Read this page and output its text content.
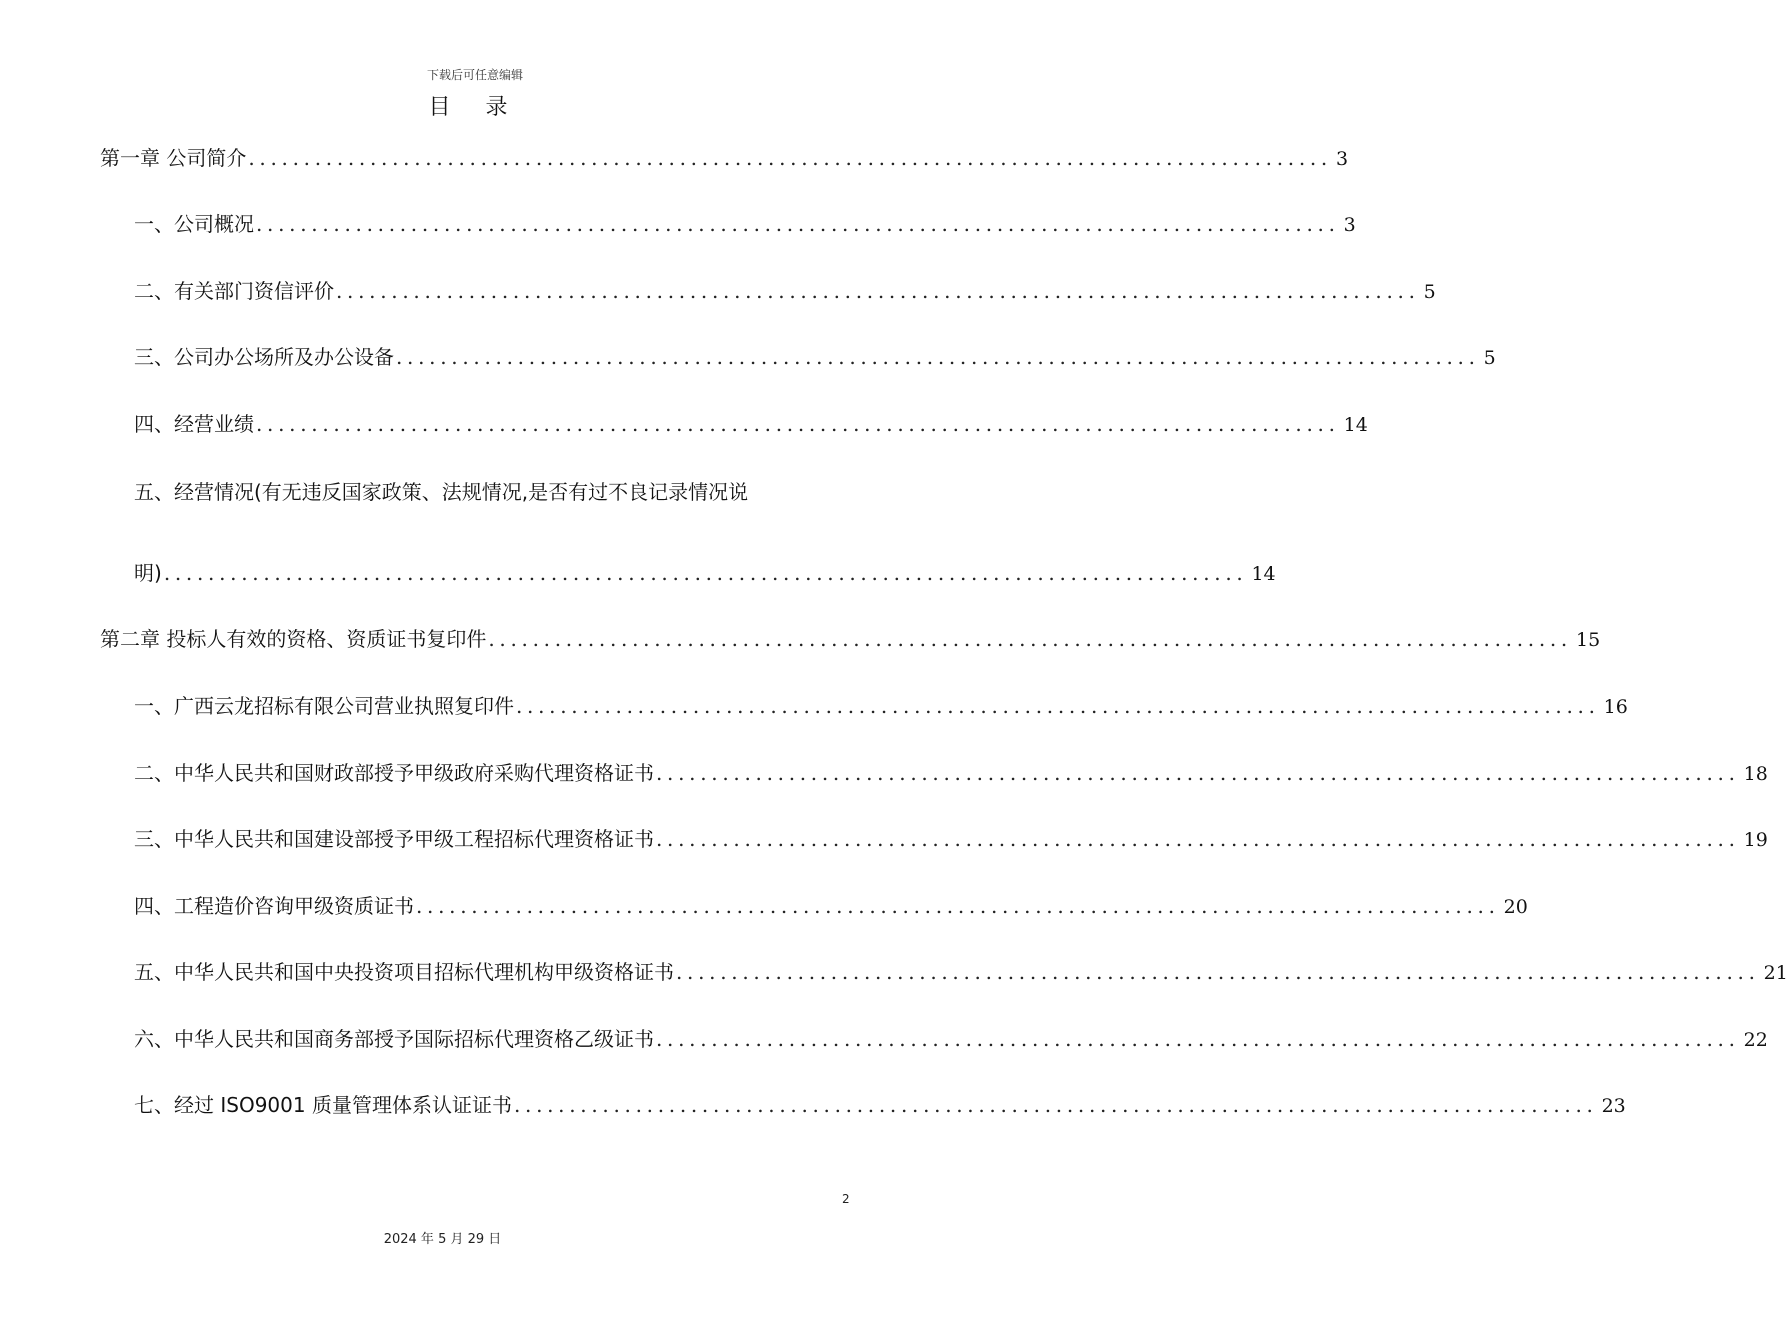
下载后可任意编辑
目 录
第一章 公司简介 .................................................................................................. 3
一、公司概况 .................................................................................................. 3
二、有关部门资信评价 .................................................................................................. 5
三、公司办公场所及办公设备 .................................................................................................. 5
四、经营业绩 .................................................................................................. 14
五、经营情况(有无违反国家政策、法规情况,是否有过不良记录情况说
明) .................................................................................................. 14
第二章 投标人有效的资格、资质证书复印件 .................................................................................................. 15
一、广西云龙招标有限公司营业执照复印件 .................................................................................................. 16
二、中华人民共和国财政部授予甲级政府采购代理资格证书 .................................................................................................. 18
三、中华人民共和国建设部授予甲级工程招标代理资格证书 .................................................................................................. 19
四、工程造价咨询甲级资质证书 .................................................................................................. 20
五、中华人民共和国中央投资项目招标代理机构甲级资格证书 .................................................................................................. 21
六、中华人民共和国商务部授予国际招标代理资格乙级证书 .................................................................................................. 22
七、经过 ISO9001 质量管理体系认证证书 .................................................................................................. 23
2
2024 年 5 月 29 日
